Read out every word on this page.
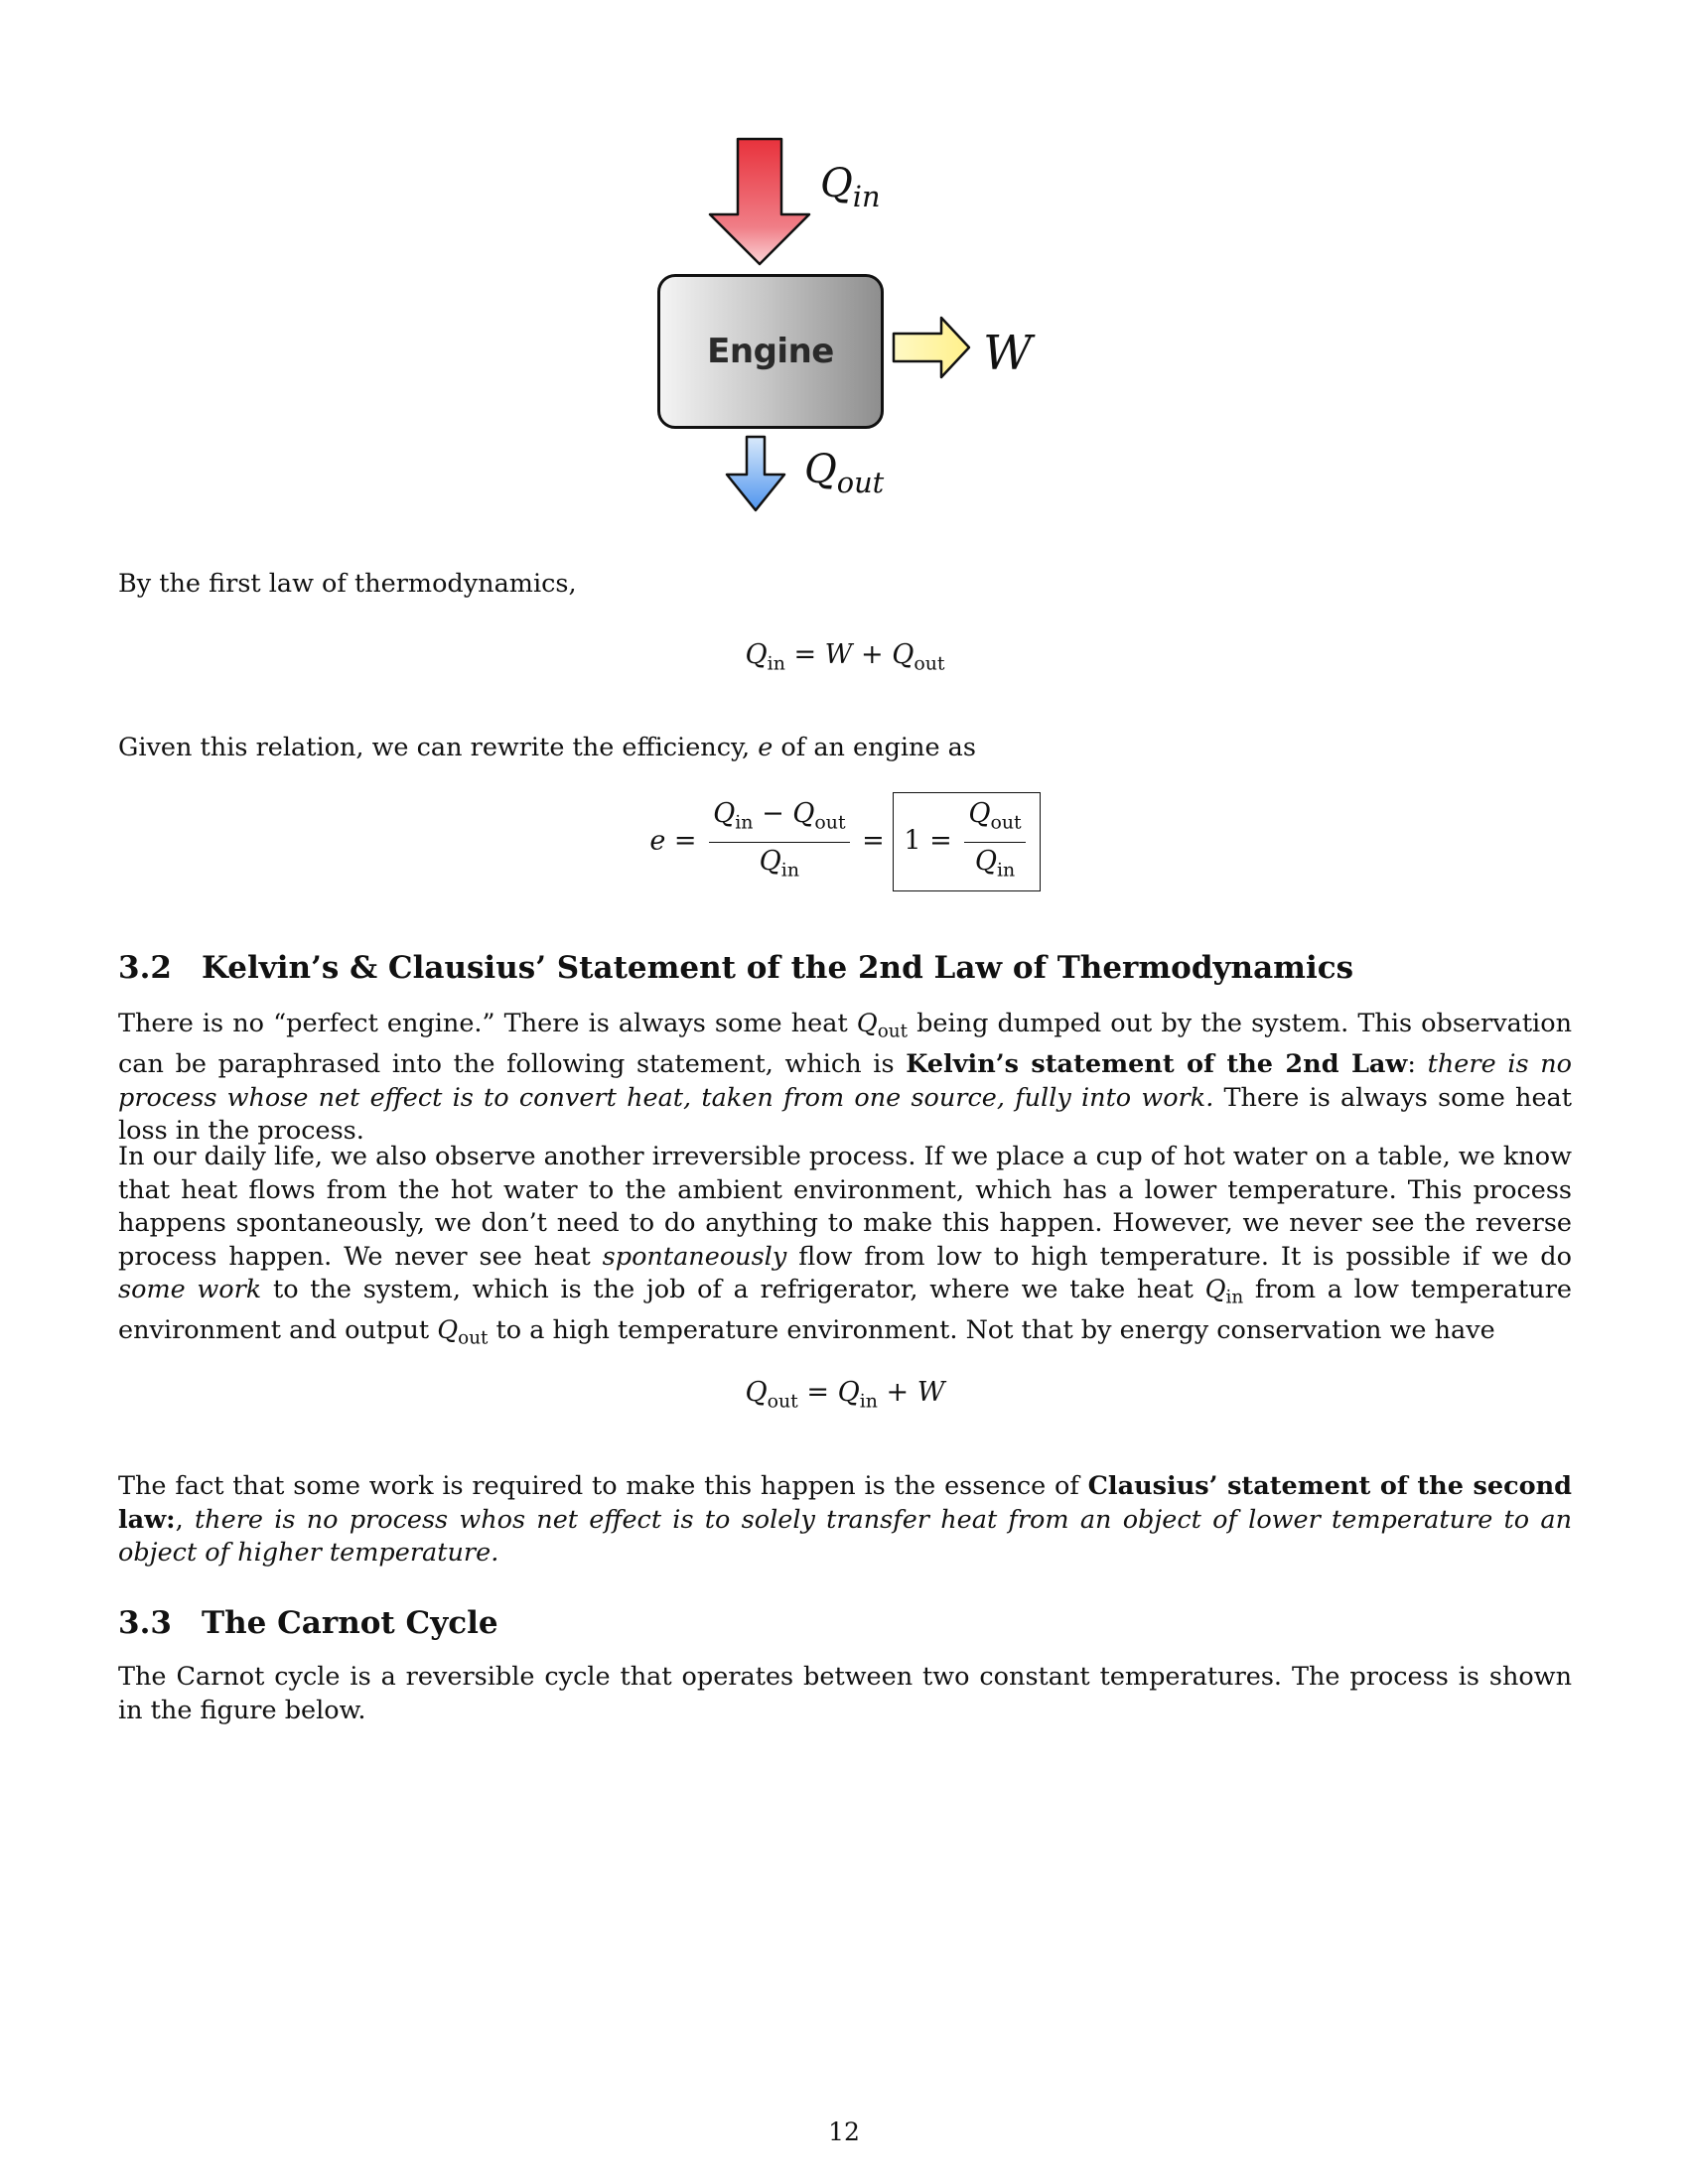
Engine
$Q_{in}$
$Q_{out}$
W
By the first law of thermodynamics,
$Q_{in} = W + Q_{out}$
Given this relation, we can rewrite the efficiency, e of an engine as
$e = \frac{Q_{in} - Q_{out}}{Q_{in}} = 1 = \frac{Q_{out}}{Q_{in}}$
3.2 Kelvin’s & Clausius’ Statement of the 2nd Law of Thermodynamics
There is no “perfect engine.” There is always some heat $Q_{out}$ being dumped out by the system. This observation can be paraphrased into the following statement, which is Kelvin’s statement of the 2nd Law: there is no process whose net effect is to convert heat, taken from one source, fully into work. There is always some heat loss in the process.
In our daily life, we also observe another irreversible process. If we place a cup of hot water on a table, we know that heat flows from the hot water to the ambient environment, which has a lower temperature. This process happens spontaneously, we don’t need to do anything to make this happen. However, we never see the reverse process happen. We never see heat spontaneously flow from low to high temperature. It is possible if we do some work to the system, which is the job of a refrigerator, where we take heat $Q_{in}$ from a low temperature environment and output $Q_{out}$ to a high temperature environment. Not that by energy conservation we have
$Q_{out} = Q_{in} + W$
The fact that some work is required to make this happen is the essence of Clausius’ statement of the second law:, there is no process whos net effect is to solely transfer heat from an object of lower temperature to an object of higher temperature.
3.3 The Carnot Cycle
The Carnot cycle is a reversible cycle that operates between two constant temperatures. The process is shown in the figure below.
12
